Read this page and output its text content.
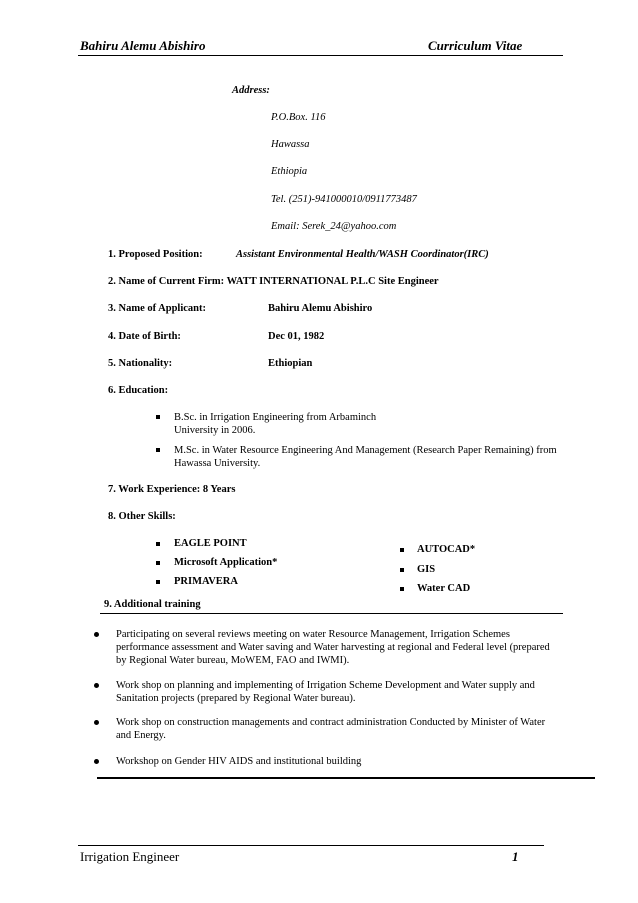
Bahiru Alemu Abishiro	Curriculum Vitae
Address:
P.O.Box. 116
Hawassa
Ethiopia
Tel. (251)-941000010/0911773487
Email: Serek_24@yahoo.com
1. Proposed Position:	Assistant Environmental Health/WASH Coordinator(IRC)
2. Name of Current Firm: WATT INTERNATIONAL P.L.C Site Engineer
3. Name of Applicant:	Bahiru Alemu Abishiro
4. Date of Birth:	Dec 01, 1982
5. Nationality:	Ethiopian
6. Education:
B.Sc. in Irrigation Engineering from Arbaminch
University in 2006.
M.Sc. in Water Resource Engineering And Management (Research Paper Remaining) from
Hawassa University.
7. Work Experience: 8 Years
8. Other Skills:
EAGLE POINT
Microsoft Application*
PRIMAVERA
AUTOCAD*
GIS
Water CAD
9. Additional training
Participating on several reviews meeting on water Resource Management, Irrigation Schemes
performance assessment and Water saving and Water harvesting at regional and Federal level (prepared
by Regional Water bureau, MoWEM, FAO and IWMI).
Work shop on planning and implementing of Irrigation Scheme Development and Water supply and
Sanitation projects (prepared by Regional Water bureau).
Work shop on construction managements and contract administration Conducted by Minister of Water
and Energy.
Workshop on Gender HIV AIDS and institutional building
Irrigation Engineer	1
